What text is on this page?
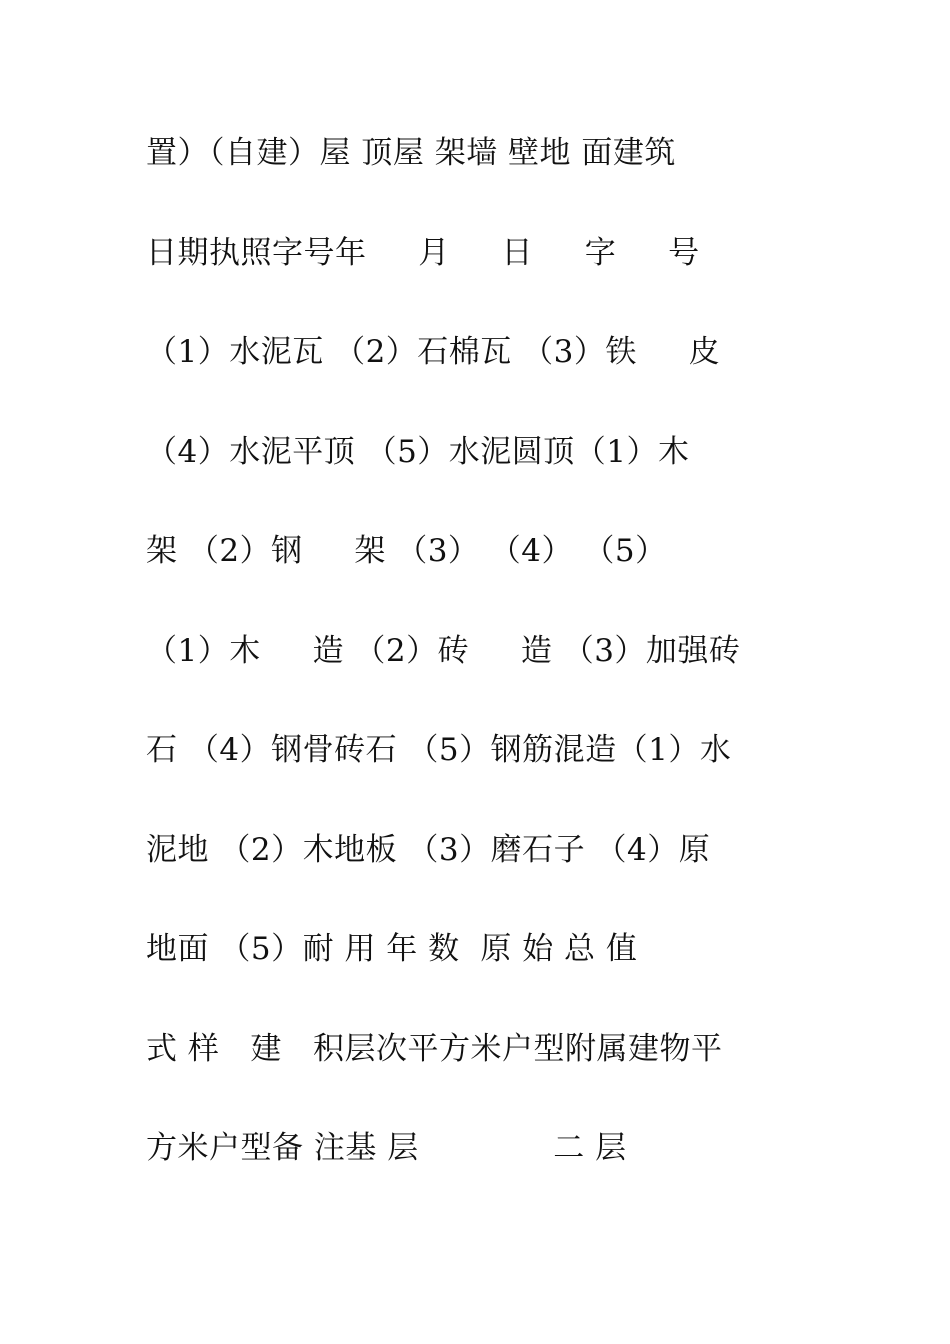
置）（自建）屋 顶屋 架墙 壁地 面建筑
日期执照字号年     月     日     字     号
（1）水泥瓦 （2）石棉瓦 （3）铁     皮
（4）水泥平顶 （5）水泥圆顶（1）木
架 （2）钢     架 （3） （4） （5）
（1）木     造 （2）砖     造 （3）加强砖
石 （4）钢骨砖石 （5）钢筋混造（1）水
泥地 （2）木地板 （3）磨石子 （4）原
地面 （5）耐 用 年 数  原 始 总 值
式 样   建   积层次平方米户型附属建物平
方米户型备 注基 层             二 层
